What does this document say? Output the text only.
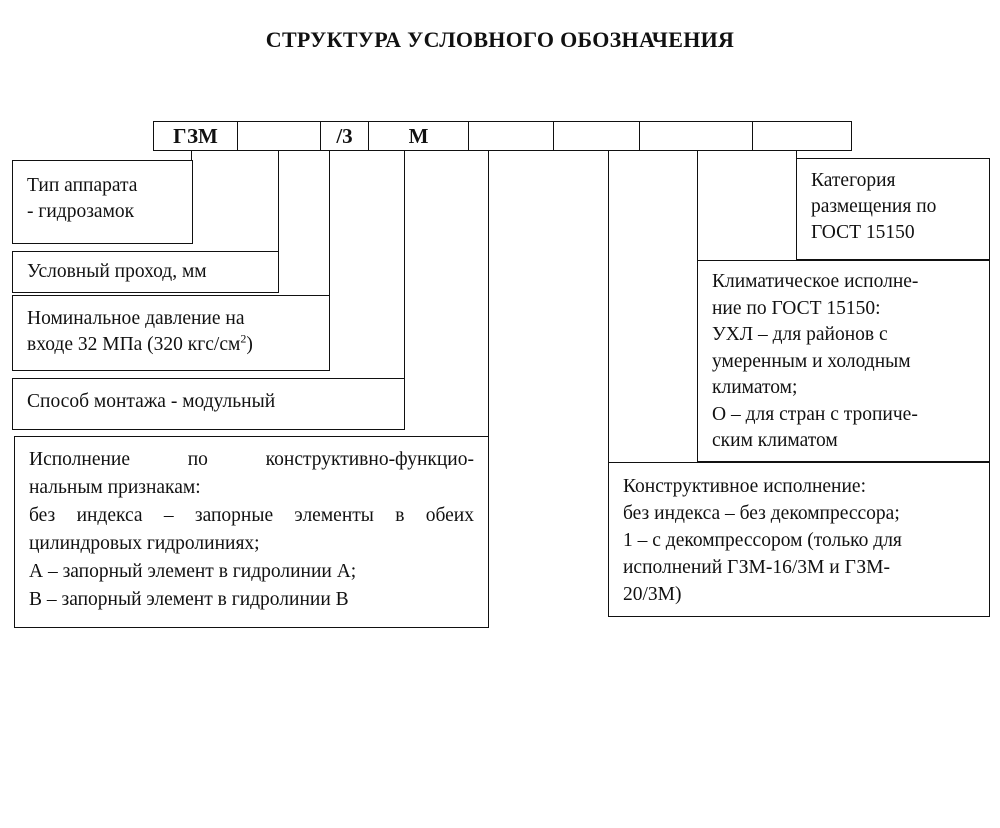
СТРУКТУРА УСЛОВНОГО ОБОЗНАЧЕНИЯ
ГЗМ	/3	М
Тип аппарата
- гидрозамок
Условный проход, мм
Номинальное давление на
входе 32 МПа (320 кгс/$см^2$)
Способ монтажа - модульный
Исполнение	по	конструктивно-функцио-
нальным признакам:
без индекса – запорные элементы в обеих
цилиндровых гидролиниях;
А – запорный элемент в гидролинии А;
В – запорный элемент в гидролинии В
Категория
размещения по
ГОСТ 15150
Климатическое исполне-
ние по ГОСТ 15150:
УХЛ – для районов с
умеренным и холодным
климатом;
О – для стран с тропиче-
ским климатом
Конструктивное исполнение:
без индекса – без декомпрессора;
1 – с декомпрессором (только для
исполнений ГЗМ-16/3М и ГЗМ-
20/3М)
